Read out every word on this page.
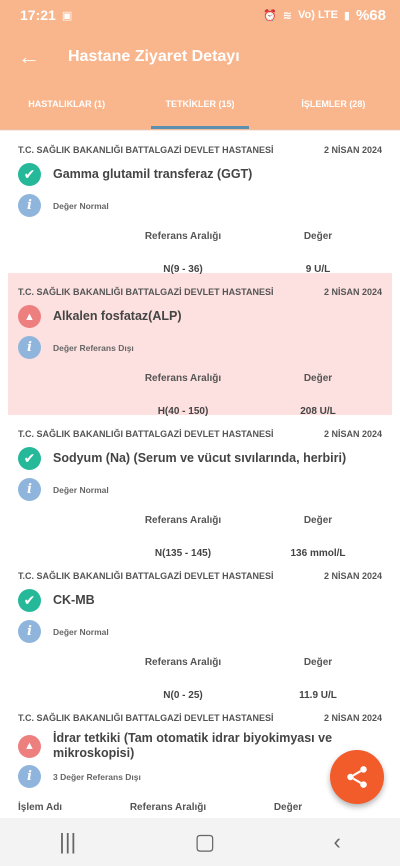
17:21 ▣	⏰ ≋ Vo) LTE ▮ %68
←	Hastane Ziyaret Detayı
HASTALIKLAR (1)	TETKİKLER (15)	İŞLEMLER (28)
T.C. SAĞLIK BAKANLIĞI BATTALGAZİ DEVLET HASTANESİ	2 NİSAN 2024
✔	Gamma glutamil transferaz (GGT)
i	Değer Normal
Referans Aralığı	Değer
N(9 - 36)	9 U/L
T.C. SAĞLIK BAKANLIĞI BATTALGAZİ DEVLET HASTANESİ	2 NİSAN 2024
▲	Alkalen fosfataz(ALP)
i	Değer Referans Dışı
Referans Aralığı	Değer
H(40 - 150)	208 U/L
T.C. SAĞLIK BAKANLIĞI BATTALGAZİ DEVLET HASTANESİ	2 NİSAN 2024
✔	Sodyum (Na) (Serum ve vücut sıvılarında, herbiri)
i	Değer Normal
Referans Aralığı	Değer
N(135 - 145)	136 mmol/L
T.C. SAĞLIK BAKANLIĞI BATTALGAZİ DEVLET HASTANESİ	2 NİSAN 2024
✔	CK-MB
i	Değer Normal
Referans Aralığı	Değer
N(0 - 25)	11.9 U/L
T.C. SAĞLIK BAKANLIĞI BATTALGAZİ DEVLET HASTANESİ	2 NİSAN 2024
▲
İdrar tetkiki (Tam otomatik idrar biyokimyası ve mikroskopisi)
i	3 Değer Referans Dışı
İşlem Adı	Referans Aralığı	Değer
|||	▢	‹
